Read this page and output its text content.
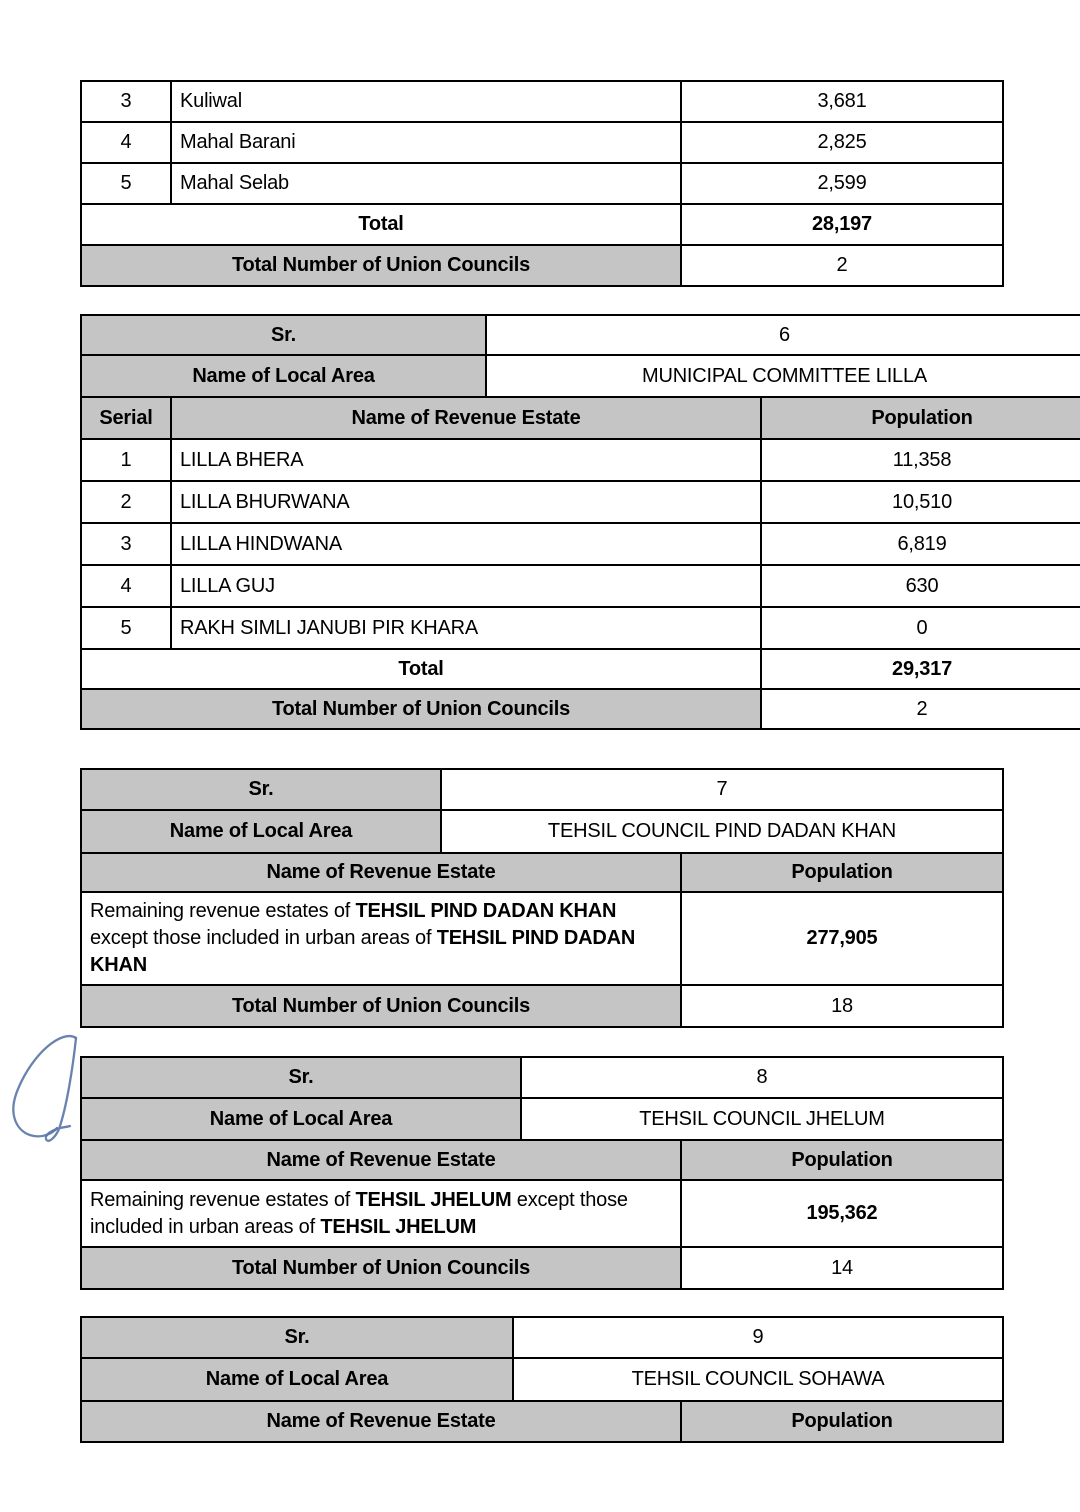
3	Kuliwal	3,681
4	Mahal Barani	2,825
5	Mahal Selab	2,599
Total		28,197
Total Number of Union Councils		2
Sr.		6	
Name of Local Area		MUNICIPAL COMMITTEE LILLA	
Serial	Name of Revenue Estate		Population
1	LILLA BHERA		11,358
2	LILLA BHURWANA		10,510
3	LILLA HINDWANA		6,819
4	LILLA GUJ		630
5	RAKH SIMLI JANUBI PIR KHARA		0
Total			29,317
Total Number of Union Councils			2
Sr.	7	
Name of Local Area	TEHSIL COUNCIL PIND DADAN KHAN	
Name of Revenue Estate		Population
Remaining revenue estates of TEHSIL PIND DADAN KHAN except those included in urban areas of TEHSIL PIND DADAN KHAN		277,905
Total Number of Union Councils		18
Sr.	8	
Name of Local Area	TEHSIL COUNCIL JHELUM	
Name of Revenue Estate		Population
Remaining revenue estates of TEHSIL JHELUM except those included in urban areas of TEHSIL JHELUM		195,362
Total Number of Union Councils		14
Sr.	9	
Name of Local Area	TEHSIL COUNCIL SOHAWA	
Name of Revenue Estate		Population
